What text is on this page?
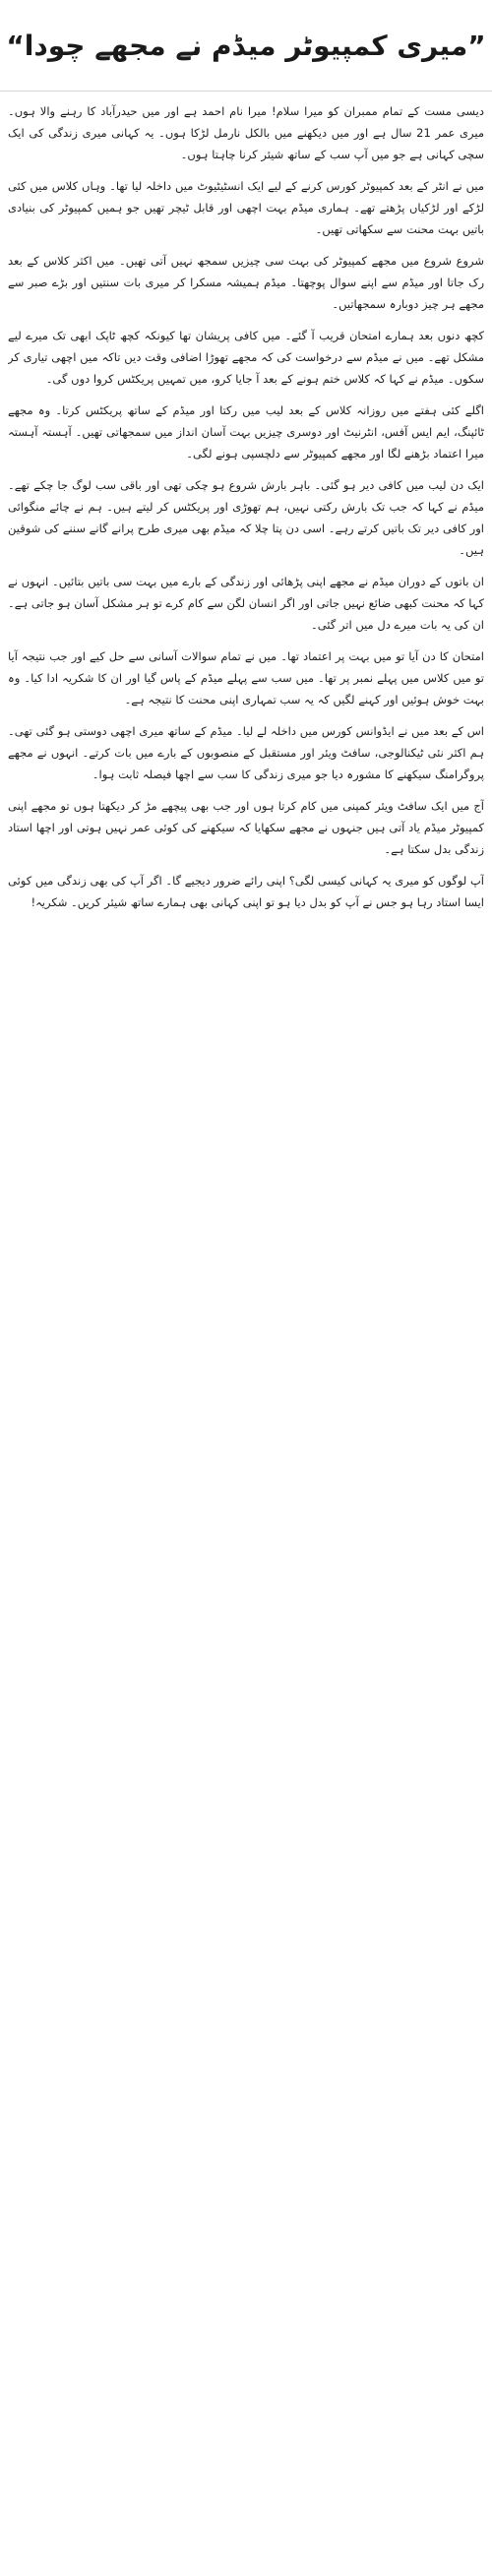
”میری کمپیوٹر میڈم نے مجھے چودا“

دیسی مست کے تمام ممبران کو میرا سلام! میرا نام احمد ہے اور میں حیدرآباد کا رہنے والا ہوں۔ میری عمر 21 سال ہے اور میں دیکھنے میں بالکل نارمل لڑکا ہوں۔ یہ کہانی میری زندگی کی ایک سچی کہانی ہے جو میں آپ سب کے ساتھ شیئر کرنا چاہتا ہوں۔

میں نے انٹر کے بعد کمپیوٹر کورس کرنے کے لیے ایک انسٹیٹیوٹ میں داخلہ لیا تھا۔ وہاں کلاس میں کئی لڑکے اور لڑکیاں پڑھتے تھے۔ ہماری میڈم بہت اچھی اور قابل ٹیچر تھیں جو ہمیں کمپیوٹر کی بنیادی باتیں بہت محنت سے سکھاتی تھیں۔

شروع شروع میں مجھے کمپیوٹر کی بہت سی چیزیں سمجھ نہیں آتی تھیں۔ میں اکثر کلاس کے بعد رک جاتا اور میڈم سے اپنے سوال پوچھتا۔ میڈم ہمیشہ مسکرا کر میری بات سنتیں اور بڑے صبر سے مجھے ہر چیز دوبارہ سمجھاتیں۔

کچھ دنوں بعد ہمارے امتحان قریب آ گئے۔ میں کافی پریشان تھا کیونکہ کچھ ٹاپک ابھی تک میرے لیے مشکل تھے۔ میں نے میڈم سے درخواست کی کہ مجھے تھوڑا اضافی وقت دیں تاکہ میں اچھی تیاری کر سکوں۔ میڈم نے کہا کہ کلاس ختم ہونے کے بعد آ جایا کرو، میں تمہیں پریکٹس کروا دوں گی۔

اگلے کئی ہفتے میں روزانہ کلاس کے بعد لیب میں رکتا اور میڈم کے ساتھ پریکٹس کرتا۔ وہ مجھے ٹائپنگ، ایم ایس آفس، انٹرنیٹ اور دوسری چیزیں بہت آسان انداز میں سمجھاتی تھیں۔ آہستہ آہستہ میرا اعتماد بڑھنے لگا اور مجھے کمپیوٹر سے دلچسپی ہونے لگی۔

ایک دن لیب میں کافی دیر ہو گئی۔ باہر بارش شروع ہو چکی تھی اور باقی سب لوگ جا چکے تھے۔ میڈم نے کہا کہ جب تک بارش رکتی نہیں، ہم تھوڑی اور پریکٹس کر لیتے ہیں۔ ہم نے چائے منگوائی اور کافی دیر تک باتیں کرتے رہے۔ اسی دن پتا چلا کہ میڈم بھی میری طرح پرانے گانے سننے کی شوقین ہیں۔

ان باتوں کے دوران میڈم نے مجھے اپنی پڑھائی اور زندگی کے بارے میں بہت سی باتیں بتائیں۔ انہوں نے کہا کہ محنت کبھی ضائع نہیں جاتی اور اگر انسان لگن سے کام کرے تو ہر مشکل آسان ہو جاتی ہے۔ ان کی یہ بات میرے دل میں اتر گئی۔

امتحان کا دن آیا تو میں بہت پر اعتماد تھا۔ میں نے تمام سوالات آسانی سے حل کیے اور جب نتیجہ آیا تو میں کلاس میں پہلے نمبر پر تھا۔ میں سب سے پہلے میڈم کے پاس گیا اور ان کا شکریہ ادا کیا۔ وہ بہت خوش ہوئیں اور کہنے لگیں کہ یہ سب تمہاری اپنی محنت کا نتیجہ ہے۔

اس کے بعد میں نے ایڈوانس کورس میں داخلہ لے لیا۔ میڈم کے ساتھ میری اچھی دوستی ہو گئی تھی۔ ہم اکثر نئی ٹیکنالوجی، سافٹ ویئر اور مستقبل کے منصوبوں کے بارے میں بات کرتے۔ انہوں نے مجھے پروگرامنگ سیکھنے کا مشورہ دیا جو میری زندگی کا سب سے اچھا فیصلہ ثابت ہوا۔

آج میں ایک سافٹ ویئر کمپنی میں کام کرتا ہوں اور جب بھی پیچھے مڑ کر دیکھتا ہوں تو مجھے اپنی کمپیوٹر میڈم یاد آتی ہیں جنہوں نے مجھے سکھایا کہ سیکھنے کی کوئی عمر نہیں ہوتی اور اچھا استاد زندگی بدل سکتا ہے۔

آپ لوگوں کو میری یہ کہانی کیسی لگی؟ اپنی رائے ضرور دیجیے گا۔ اگر آپ کی بھی زندگی میں کوئی ایسا استاد رہا ہو جس نے آپ کو بدل دیا ہو تو اپنی کہانی بھی ہمارے ساتھ شیئر کریں۔ شکریہ!
